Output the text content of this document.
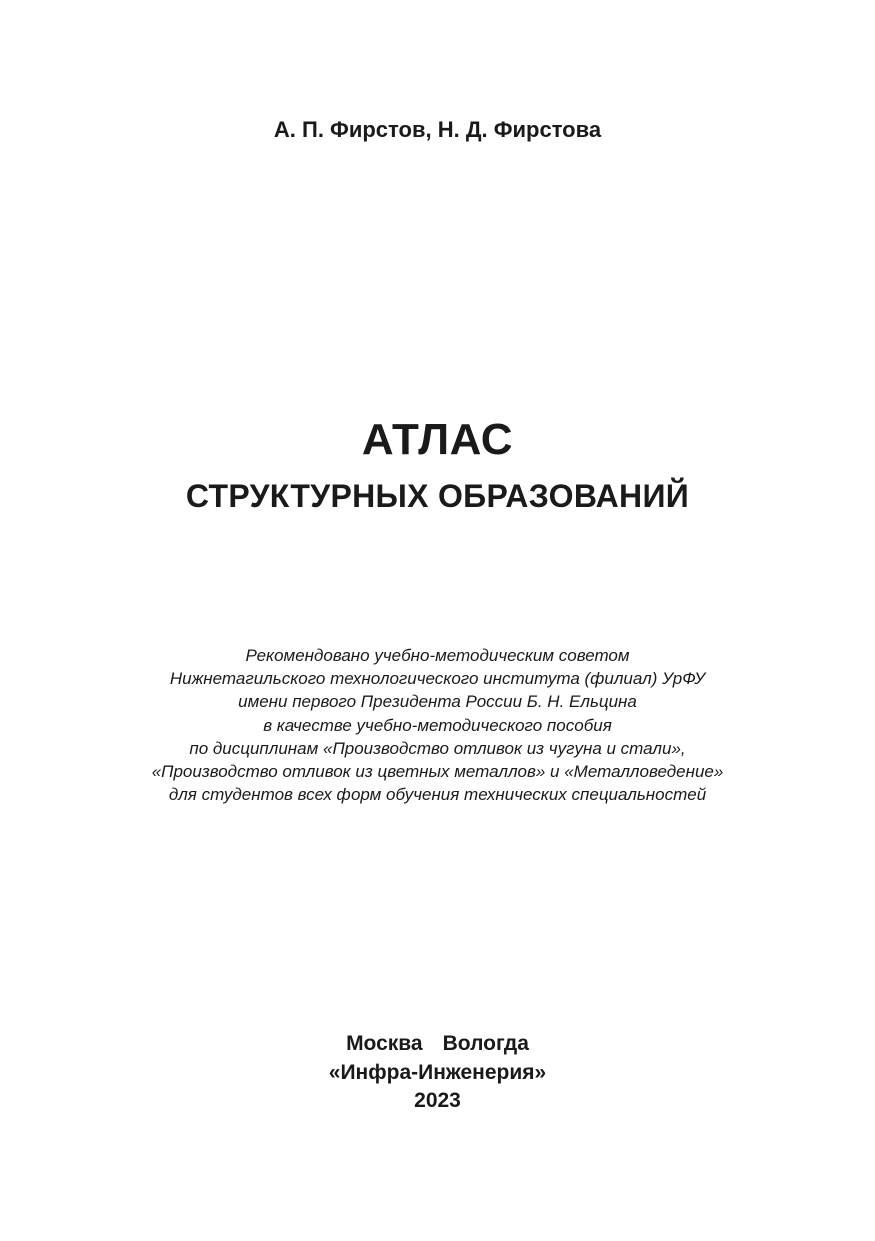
А. П. Фирстов, Н. Д. Фирстова
АТЛАС
СТРУКТУРНЫХ ОБРАЗОВАНИЙ
Рекомендовано учебно-методическим советом
Нижнетагильского технологического института (филиал) УрФУ
имени первого Президента России Б. Н. Ельцина
в качестве учебно-методического пособия
по дисциплинам «Производство отливок из чугуна и стали»,
«Производство отливок из цветных металлов» и «Металловедение»
для студентов всех форм обучения технических специальностей
Москва Вологда
«Инфра-Инженерия»
2023
